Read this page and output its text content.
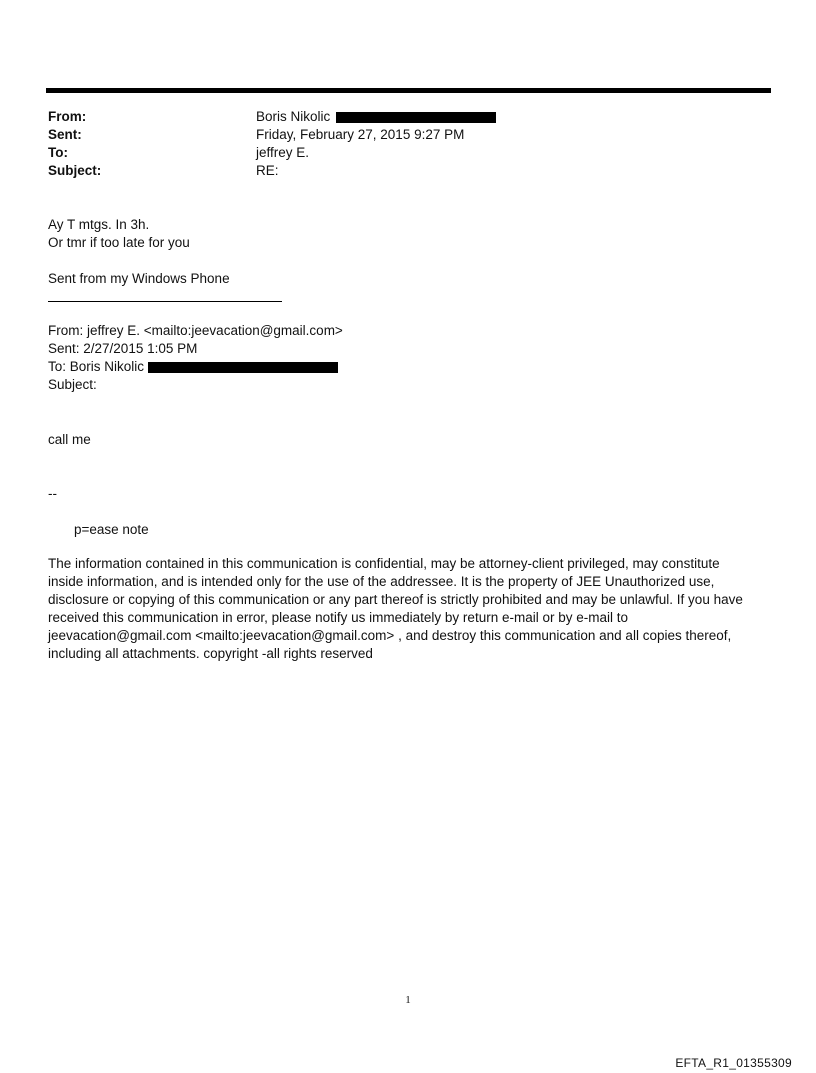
From:	Boris Nikolic
Sent:	Friday, February 27, 2015 9:27 PM
To:	jeffrey E.
Subject:	RE:
Ay T mtgs. In 3h.
Or tmr if too late for you
Sent from my Windows Phone
From: jeffrey E. <mailto:jeevacation@gmail.com>
Sent: 2/27/2015 1:05 PM
To: Boris Nikolic
Subject:
call me
--
p=ease note
The information contained in this communication is confidential, may be attorney-client privileged, may constitute inside information, and is intended only for the use of the addressee. It is the property of JEE Unauthorized use, disclosure or copying of this communication or any part thereof is strictly prohibited and may be unlawful. If you have received this communication in error, please notify us immediately by return e-mail or by e-mail to jeevacation@gmail.com <mailto:jeevacation@gmail.com> , and destroy this communication and all copies thereof, including all attachments. copyright -all rights reserved
1
EFTA_R1_01355309
